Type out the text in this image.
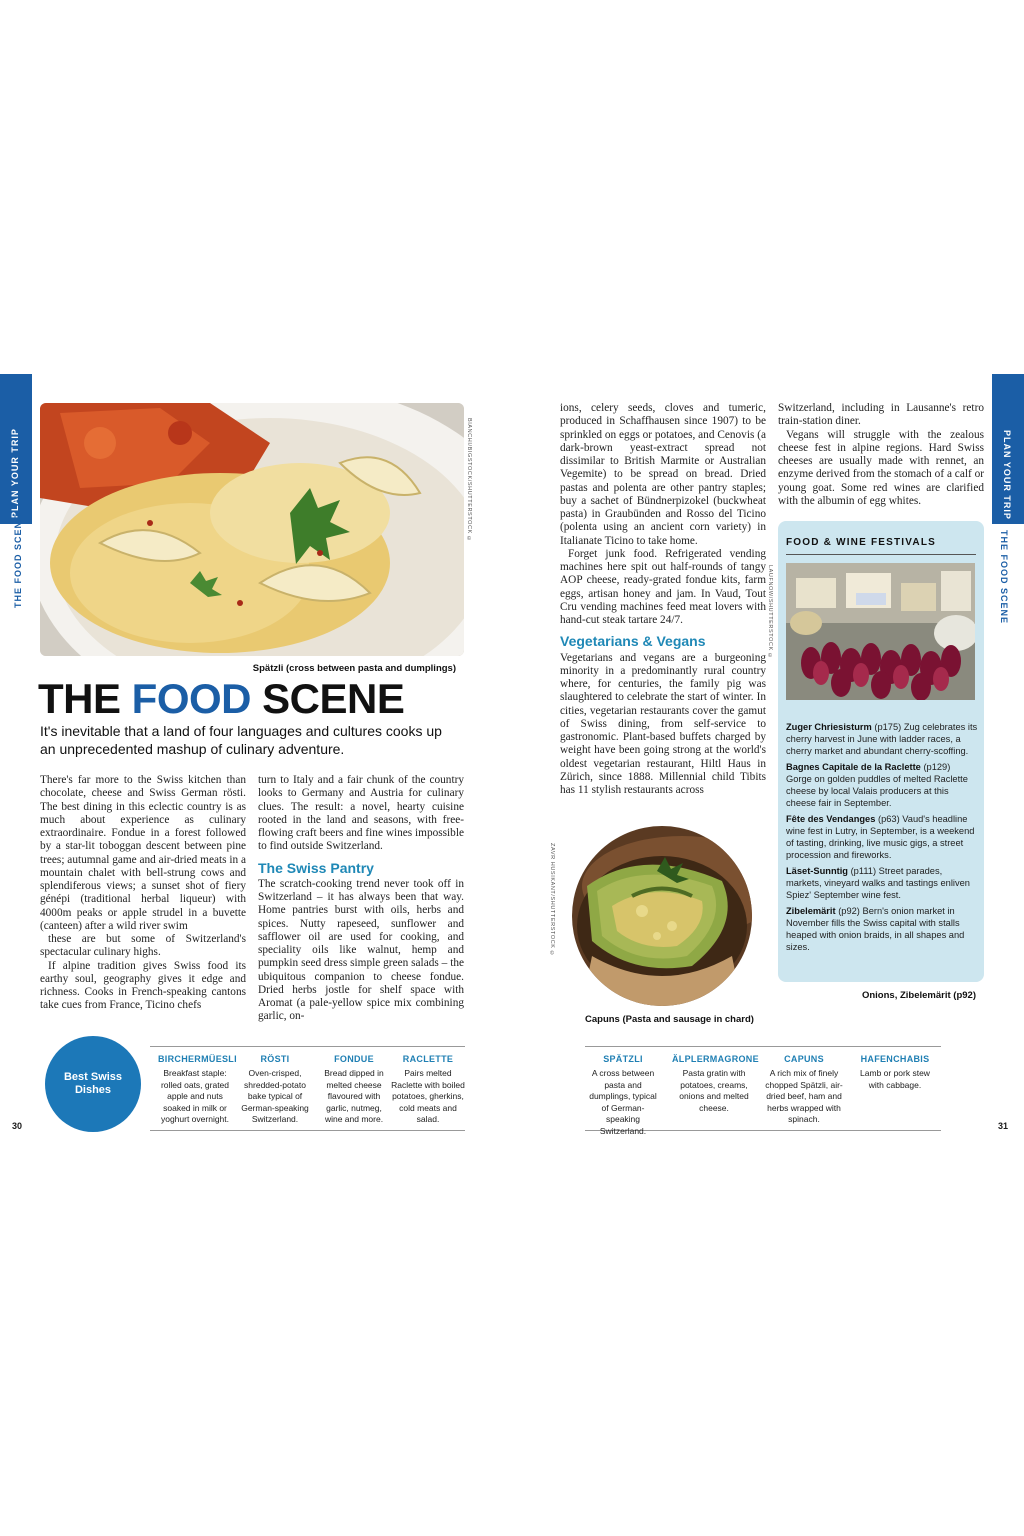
PLAN YOUR TRIP
THE FOOD SCENE
BIANCHI/BIGSTOCK/SHUTTERSTOCK ©
Spätzli (cross between pasta and dumplings)
THE FOOD SCENE
It's inevitable that a land of four languages and cultures cooks up an unprecedented mashup of culinary adventure.

There's far more to the Swiss kitchen than chocolate, cheese and Swiss German rösti. The best dining in this eclectic country is as much about experience as culinary extraordinaire. Fondue in a forest followed by a star-lit toboggan descent between pine trees; autumnal game and air-dried meats in a mountain chalet with bell-strung cows and splendiferous views; a sunset shot of fiery génépi (traditional herbal liqueur) with 4000m peaks or apple strudel in a buvette (canteen) after a wild river swim

these are but some of Switzerland's spectacular culinary highs.

If alpine tradition gives Swiss food its earthy soul, geography gives it edge and richness. Cooks in French-speaking cantons take cues from France, Ticino chefs

turn to Italy and a fair chunk of the country looks to Germany and Austria for culinary clues. The result: a novel, hearty cuisine rooted in the land and seasons, with free-flowing craft beers and fine wines impossible to find outside Switzerland.

The Swiss Pantry

The scratch-cooking trend never took off in Switzerland – it has always been that way. Home pantries burst with oils, herbs and spices. Nutty rapeseed, sunflower and safflower oil are used for cooking, and speciality oils like walnut, hemp and pumpkin seed dress simple green salads – the ubiquitous companion to cheese fondue. Dried herbs jostle for shelf space with Aromat (a pale-yellow spice mix combining garlic, on-

Best Swiss Dishes
BIRCHERMÜESLI
Breakfast staple: rolled oats, grated apple and nuts soaked in milk or yoghurt overnight.
RÖSTI
Oven-crisped, shredded-potato bake typical of German-speaking Switzerland.
FONDUE
Bread dipped in melted cheese flavoured with garlic, nutmeg, wine and more.
RACLETTE
Pairs melted Raclette with boiled potatoes, gherkins, cold meats and salad.
30
PLAN YOUR TRIP
THE FOOD SCENE

ions, celery seeds, cloves and tumeric, produced in Schaffhausen since 1907) to be sprinkled on eggs or potatoes, and Cenovis (a dark-brown yeast-extract spread not dissimilar to British Marmite or Australian Vegemite) to be spread on bread. Dried pastas and polenta are other pantry staples; buy a sachet of Bündnerpizokel (buckwheat pasta) in Graubünden and Rosso del Ticino (polenta using an ancient corn variety) in Italianate Ticino to take home.

Forget junk food. Refrigerated vending machines here spit out half-rounds of tangy AOP cheese, ready-grated fondue kits, farm eggs, artisan honey and jam. In Vaud, Tout Cru vending machines feed meat lovers with hand-cut steak tartare 24/7.

Vegetarians & Vegans

Vegetarians and vegans are a burgeoning minority in a predominantly rural country where, for centuries, the family pig was slaughtered to celebrate the start of winter. In cities, vegetarian restaurants cover the gamut of Swiss dining, from self-service to gastronomic. Plant-based buffets charged by weight have been going strong at the world's oldest vegetarian restaurant, Hiltl Haus in Zürich, since 1888. Millennial child Tibits has 11 stylish restaurants across

LAUFNOW/SHUTTERSTOCK ©

Switzerland, including in Lausanne's retro train-station diner.

Vegans will struggle with the zealous cheese fest in alpine regions. Hard Swiss cheeses are usually made with rennet, an enzyme derived from the stomach of a calf or young goat. Some red wines are clarified with the albumin of egg whites.

FOOD & WINE FESTIVALS

Zuger Chriesisturm (p175) Zug celebrates its cherry harvest in June with ladder races, a cherry market and abundant cherry-scoffing.

Bagnes Capitale de la Raclette (p129) Gorge on golden puddles of melted Raclette cheese by local Valais producers at this cheese fair in September.

Fête des Vendanges (p63) Vaud's headline wine fest in Lutry, in September, is a weekend of tasting, drinking, live music gigs, a street procession and fireworks.

Läset-Sunntig (p111) Street parades, markets, vineyard walks and tastings enliven Spiez' September wine fest.

Zibelemärit (p92) Bern's onion market in November fills the Swiss capital with stalls heaped with onion braids, in all shapes and sizes.

Onions, Zibelemärit (p92)
ZAVR HUSIKANT/SHUTTERSTOCK ©
Capuns (Pasta and sausage in chard)
SPÄTZLI
A cross between pasta and dumplings, typical of German-speaking Switzerland.
ÄLPLERMAGRONE
Pasta gratin with potatoes, creams, onions and melted cheese.
CAPUNS
A rich mix of finely chopped Spätzli, air-dried beef, ham and herbs wrapped with spinach.
HAFENCHABIS
Lamb or pork stew with cabbage.
31
